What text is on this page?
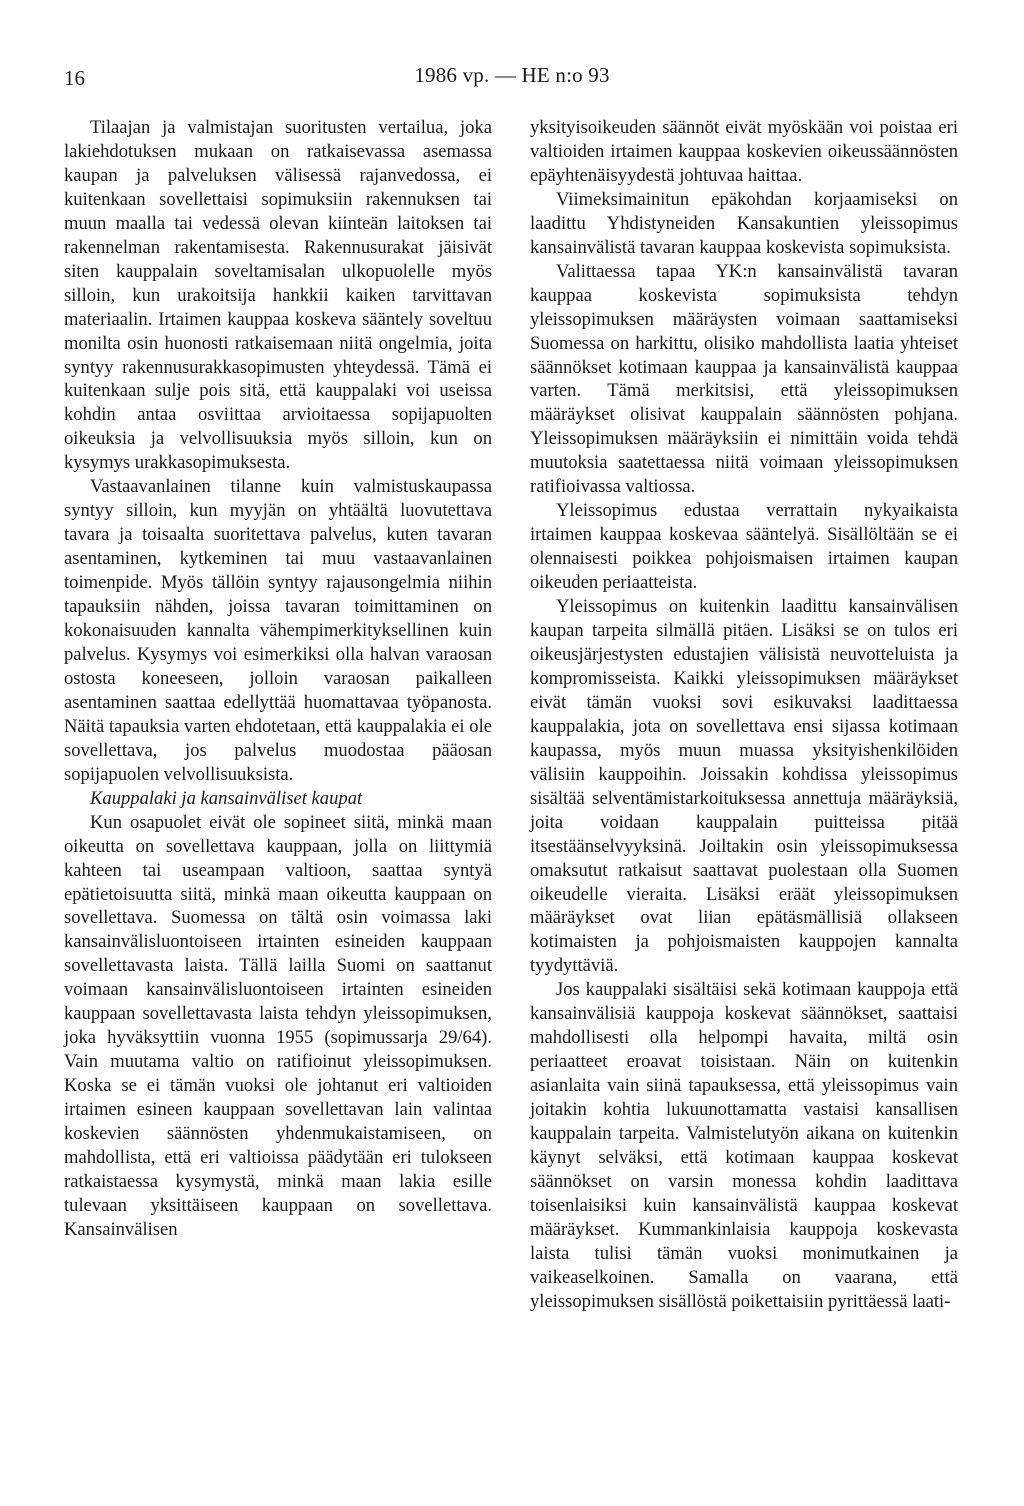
16	1986 vp. — HE n:o 93

Tilaajan ja valmistajan suoritusten vertailua, joka lakiehdotuksen mukaan on ratkaisevassa asemassa kaupan ja palveluksen välisessä rajanvedossa, ei kuitenkaan sovellettaisi sopimuksiin rakennuksen tai muun maalla tai vedessä olevan kiinteän laitoksen tai rakennelman rakentamisesta. Rakennusurakat jäisivät siten kauppalain soveltamisalan ulkopuolelle myös silloin, kun urakoitsija hankkii kaiken tarvittavan materiaalin. Irtaimen kauppaa koskeva sääntely soveltuu monilta osin huonosti ratkaisemaan niitä ongelmia, joita syntyy rakennusurakkasopimusten yhteydessä. Tämä ei kuitenkaan sulje pois sitä, että kauppalaki voi useissa kohdin antaa osviittaa arvioitaessa sopijapuolten oikeuksia ja velvollisuuksia myös silloin, kun on kysymys urakkasopimuksesta.

Vastaavanlainen tilanne kuin valmistuskaupassa syntyy silloin, kun myyjän on yhtäältä luovutettava tavara ja toisaalta suoritettava palvelus, kuten tavaran asentaminen, kytkeminen tai muu vastaavanlainen toimenpide. Myös tällöin syntyy rajausongelmia niihin tapauksiin nähden, joissa tavaran toimittaminen on kokonaisuuden kannalta vähempimerkityksellinen kuin palvelus. Kysymys voi esimerkiksi olla halvan varaosan ostosta koneeseen, jolloin varaosan paikalleen asentaminen saattaa edellyttää huomattavaa työpanosta. Näitä tapauksia varten ehdotetaan, että kauppalakia ei ole sovellettava, jos palvelus muodostaa pääosan sopijapuolen velvollisuuksista.

Kauppalaki ja kansainväliset kaupat

Kun osapuolet eivät ole sopineet siitä, minkä maan oikeutta on sovellettava kauppaan, jolla on liittymiä kahteen tai useampaan valtioon, saattaa syntyä epätietoisuutta siitä, minkä maan oikeutta kauppaan on sovellettava. Suomessa on tältä osin voimassa laki kansainvälisluontoiseen irtainten esineiden kauppaan sovellettavasta laista. Tällä lailla Suomi on saattanut voimaan kansainvälisluontoiseen irtainten esineiden kauppaan sovellettavasta laista tehdyn yleissopimuksen, joka hyväksyttiin vuonna 1955 (sopimussarja 29/64). Vain muutama valtio on ratifioinut yleissopimuksen. Koska se ei tämän vuoksi ole johtanut eri valtioiden irtaimen esineen kauppaan sovellettavan lain valintaa koskevien säännösten yhdenmukaistamiseen, on mahdollista, että eri valtioissa päädytään eri tulokseen ratkaistaessa kysymystä, minkä maan lakia esille tulevaan yksittäiseen kauppaan on sovellettava. Kansainvälisen

yksityisoikeuden säännöt eivät myöskään voi poistaa eri valtioiden irtaimen kauppaa koskevien oikeussäännösten epäyhtenäisyydestä johtuvaa haittaa.

Viimeksimainitun epäkohdan korjaamiseksi on laadittu Yhdistyneiden Kansakuntien yleissopimus kansainvälistä tavaran kauppaa koskevista sopimuksista.

Valittaessa tapaa YK:n kansainvälistä tavaran kauppaa koskevista sopimuksista tehdyn yleissopimuksen määräysten voimaan saattamiseksi Suomessa on harkittu, olisiko mahdollista laatia yhteiset säännökset kotimaan kauppaa ja kansainvälistä kauppaa varten. Tämä merkitsisi, että yleissopimuksen määräykset olisivat kauppalain säännösten pohjana. Yleissopimuksen määräyksiin ei nimittäin voida tehdä muutoksia saatettaessa niitä voimaan yleissopimuksen ratifioivassa valtiossa.

Yleissopimus edustaa verrattain nykyaikaista irtaimen kauppaa koskevaa sääntelyä. Sisällöltään se ei olennaisesti poikkea pohjoismaisen irtaimen kaupan oikeuden periaatteista.

Yleissopimus on kuitenkin laadittu kansainvälisen kaupan tarpeita silmällä pitäen. Lisäksi se on tulos eri oikeusjärjestysten edustajien välisistä neuvotteluista ja kompromisseista. Kaikki yleissopimuksen määräykset eivät tämän vuoksi sovi esikuvaksi laadittaessa kauppalakia, jota on sovellettava ensi sijassa kotimaan kaupassa, myös muun muassa yksityishenkilöiden välisiin kauppoihin. Joissakin kohdissa yleissopimus sisältää selventämistarkoituksessa annettuja määräyksiä, joita voidaan kauppalain puitteissa pitää itsestäänselvyyksinä. Joiltakin osin yleissopimuksessa omaksutut ratkaisut saattavat puolestaan olla Suomen oikeudelle vieraita. Lisäksi eräät yleissopimuksen määräykset ovat liian epätäsmällisiä ollakseen kotimaisten ja pohjoismaisten kauppojen kannalta tyydyttäviä.

Jos kauppalaki sisältäisi sekä kotimaan kauppoja että kansainvälisiä kauppoja koskevat säännökset, saattaisi mahdollisesti olla helpompi havaita, miltä osin periaatteet eroavat toisistaan. Näin on kuitenkin asianlaita vain siinä tapauksessa, että yleissopimus vain joitakin kohtia lukuunottamatta vastaisi kansallisen kauppalain tarpeita. Valmistelutyön aikana on kuitenkin käynyt selväksi, että kotimaan kauppaa koskevat säännökset on varsin monessa kohdin laadittava toisenlaisiksi kuin kansainvälistä kauppaa koskevat määräykset. Kummankinlaisia kauppoja koskevasta laista tulisi tämän vuoksi monimutkainen ja vaikeaselkoinen. Samalla on vaarana, että yleissopimuksen sisällöstä poikettaisiin pyrittäessä laati-
